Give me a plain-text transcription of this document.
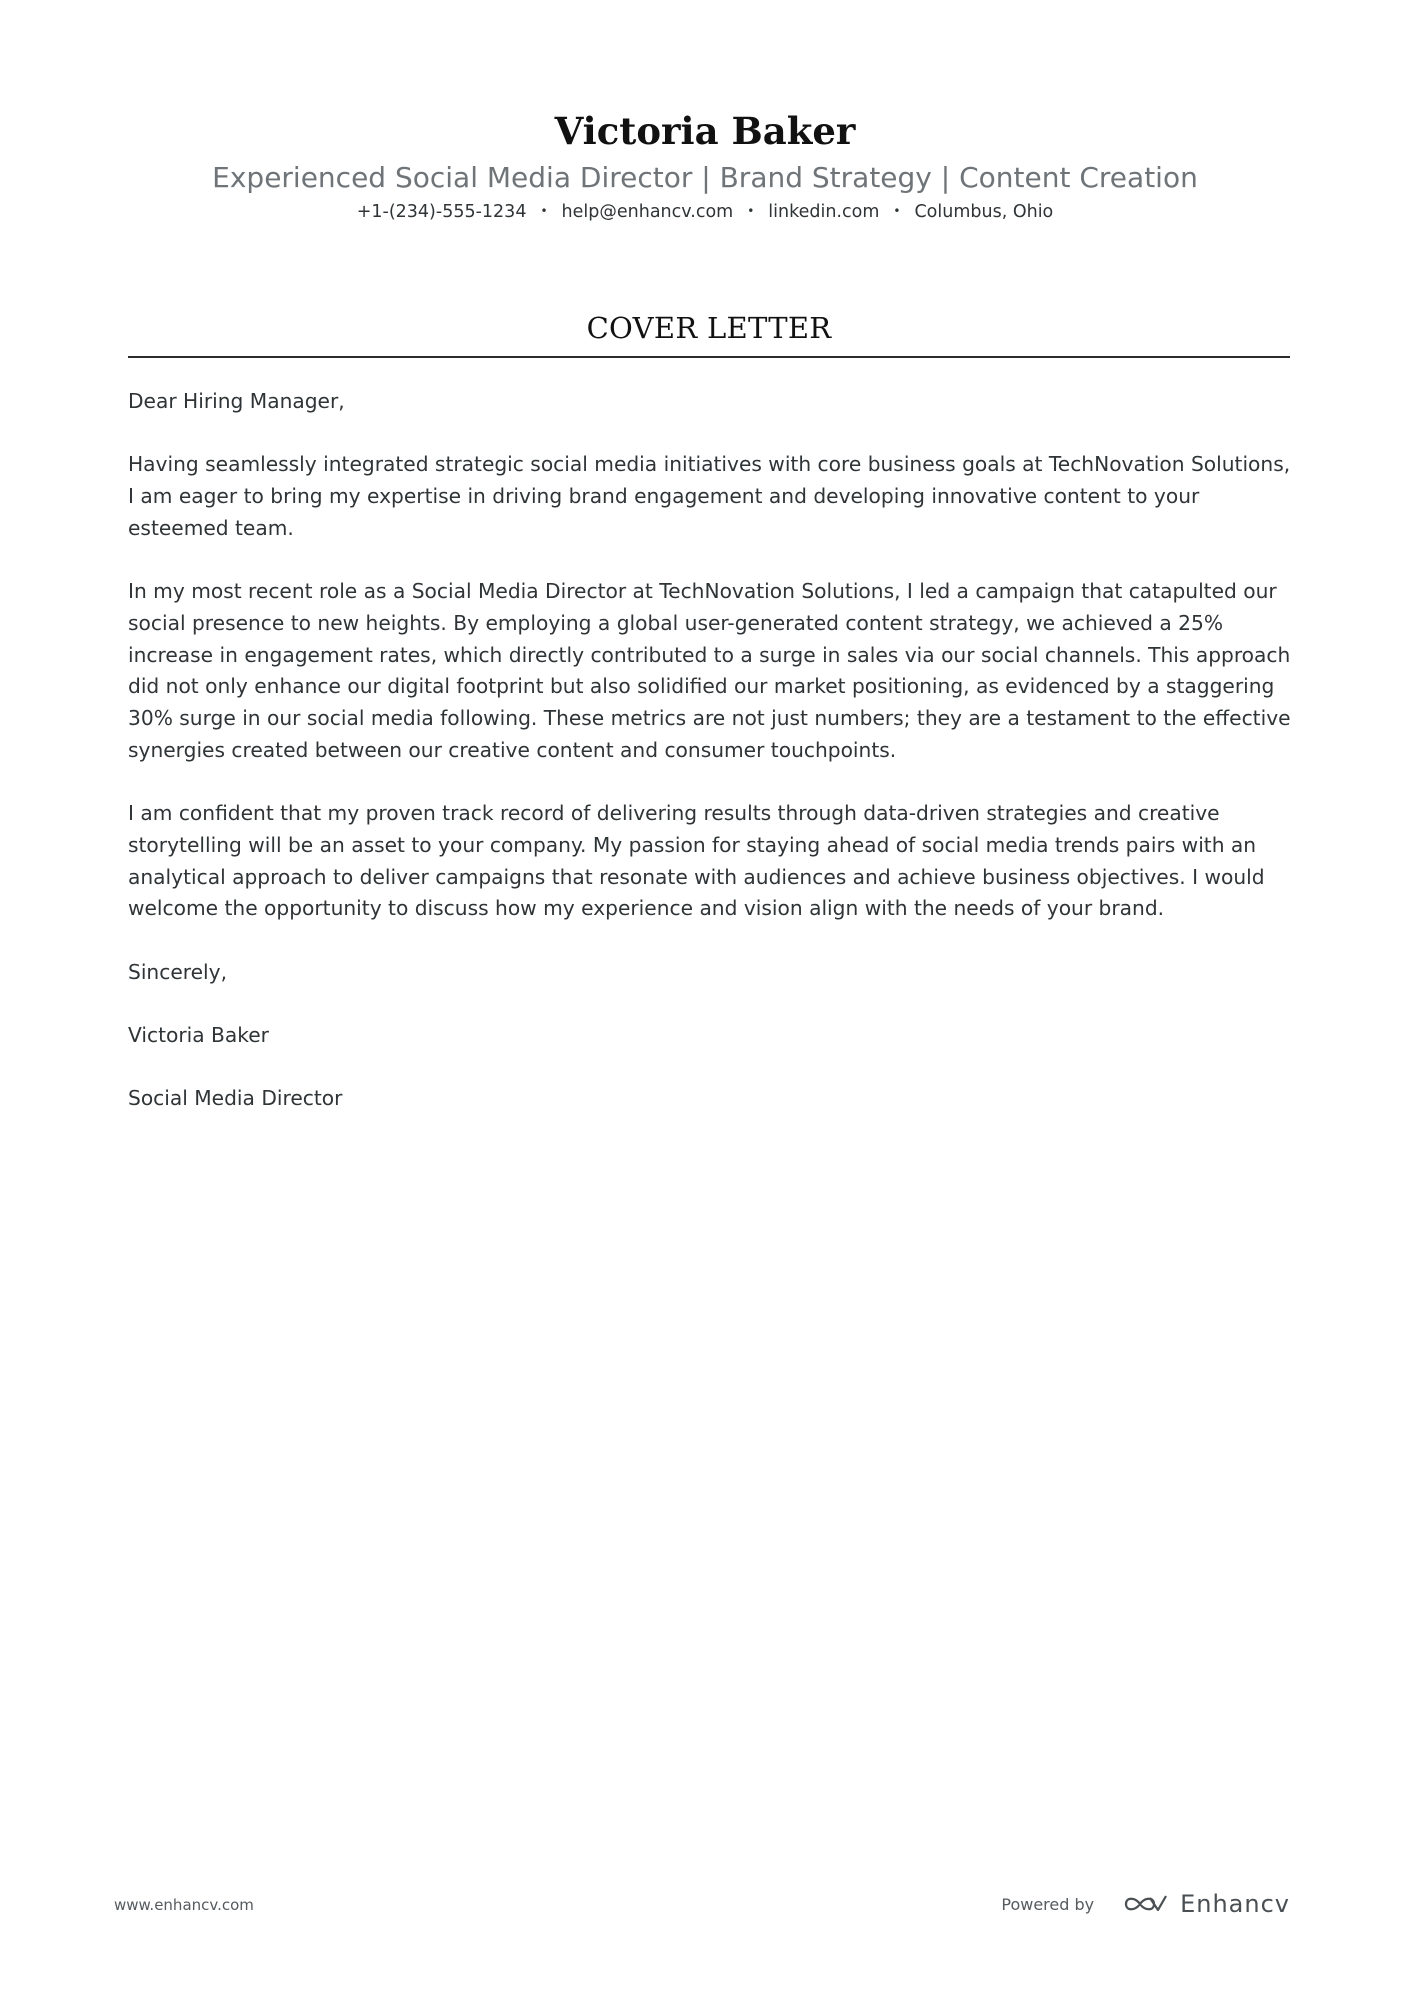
Victoria Baker
Experienced Social Media Director | Brand Strategy | Content Creation
+1-(234)-555-1234 • help@enhancv.com • linkedin.com • Columbus, Ohio
COVER LETTER

Dear Hiring Manager,

Having seamlessly integrated strategic social media initiatives with core business goals at TechNovation Solutions, I am eager to bring my expertise in driving brand engagement and developing innovative content to your esteemed team.

In my most recent role as a Social Media Director at TechNovation Solutions, I led a campaign that catapulted our social presence to new heights. By employing a global user-generated content strategy, we achieved a 25% increase in engagement rates, which directly contributed to a surge in sales via our social channels. This approach did not only enhance our digital footprint but also solidified our market positioning, as evidenced by a staggering 30% surge in our social media following. These metrics are not just numbers; they are a testament to the effective synergies created between our creative content and consumer touchpoints.

I am confident that my proven track record of delivering results through data-driven strategies and creative storytelling will be an asset to your company. My passion for staying ahead of social media trends pairs with an analytical approach to deliver campaigns that resonate with audiences and achieve business objectives. I would welcome the opportunity to discuss how my experience and vision align with the needs of your brand.

Sincerely,

Victoria Baker

Social Media Director

www.enhancv.com	Powered by	Enhancv
